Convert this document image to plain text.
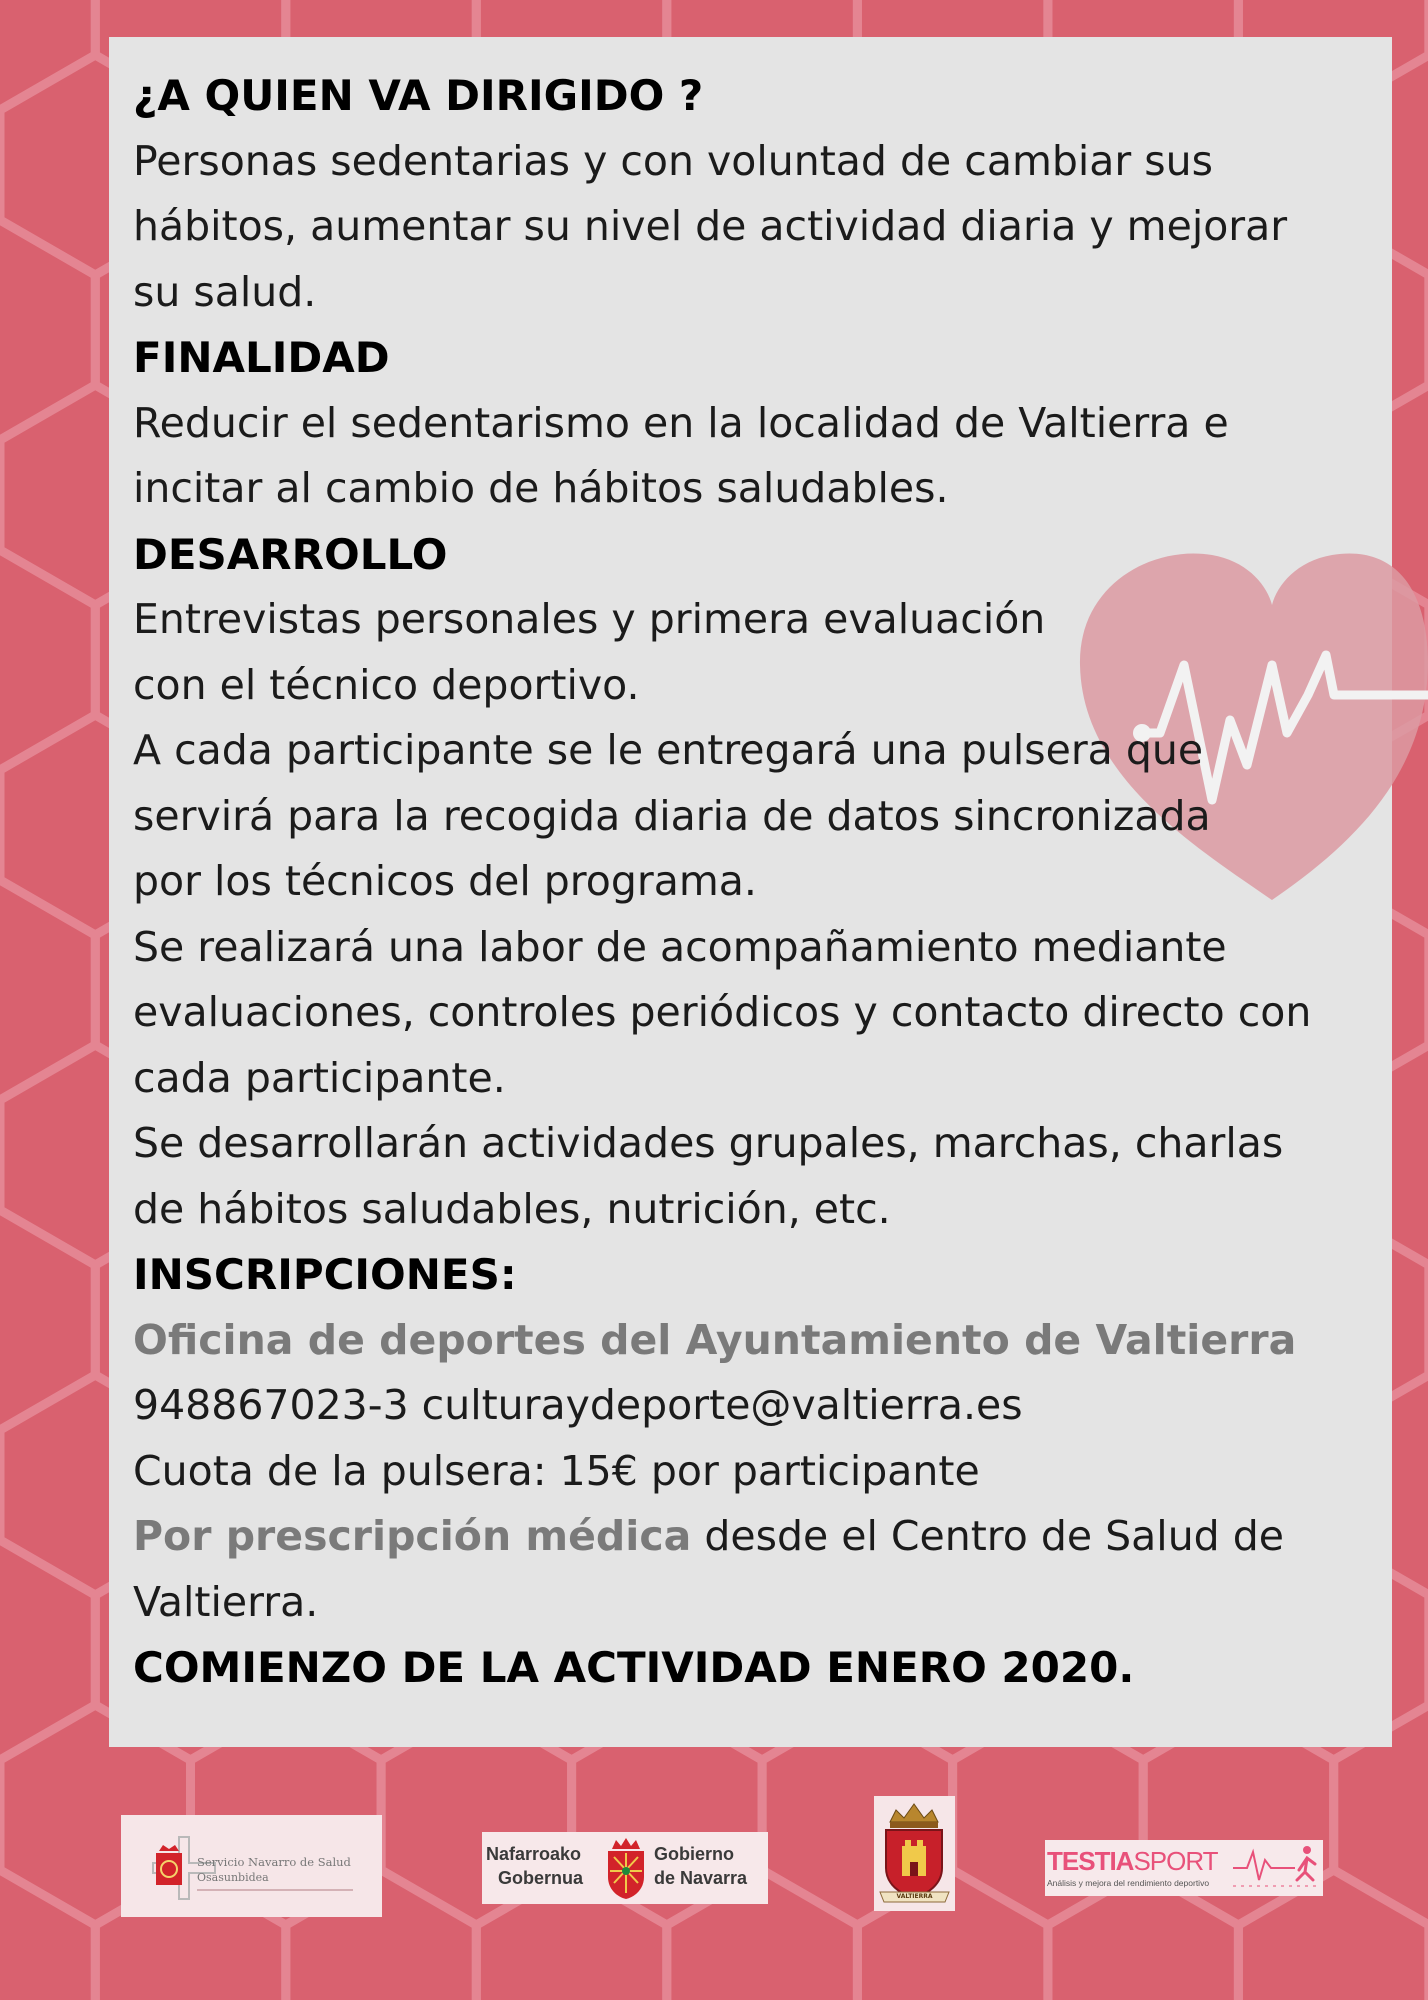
¿A QUIEN VA DIRIGIDO ?

Personas sedentarias y con voluntad de cambiar sus hábitos, aumentar su nivel de actividad diaria y mejorar su salud.

FINALIDAD

Reducir el sedentarismo en la localidad de Valtierra e incitar al cambio de hábitos saludables.

DESARROLLO

Entrevistas personales y primera evaluación

con el técnico deportivo.

A cada participante se le entregará una pulsera que

servirá para la recogida diaria de datos sincronizada

por los técnicos del programa.

Se realizará una labor de acompañamiento mediante evaluaciones, controles periódicos y contacto directo con cada participante.

Se desarrollarán actividades grupales, marchas, charlas de hábitos saludables, nutrición, etc.

INSCRIPCIONES:

Oficina de deportes del Ayuntamiento de Valtierra 948867023-3 culturaydeporte@valtierra.es

Cuota de la pulsera: 15€ por participante

Por prescripción médica desde el Centro de Salud de Valtierra.

COMIENZO DE LA ACTIVIDAD ENERO 2020.

Servicio Navarro de Salud
Osasunbidea
Nafarroako
Gobernua
Gobierno
de Navarra
VALTIERRA
TESTIASPORT
Análisis y mejora del rendimiento deportivo
